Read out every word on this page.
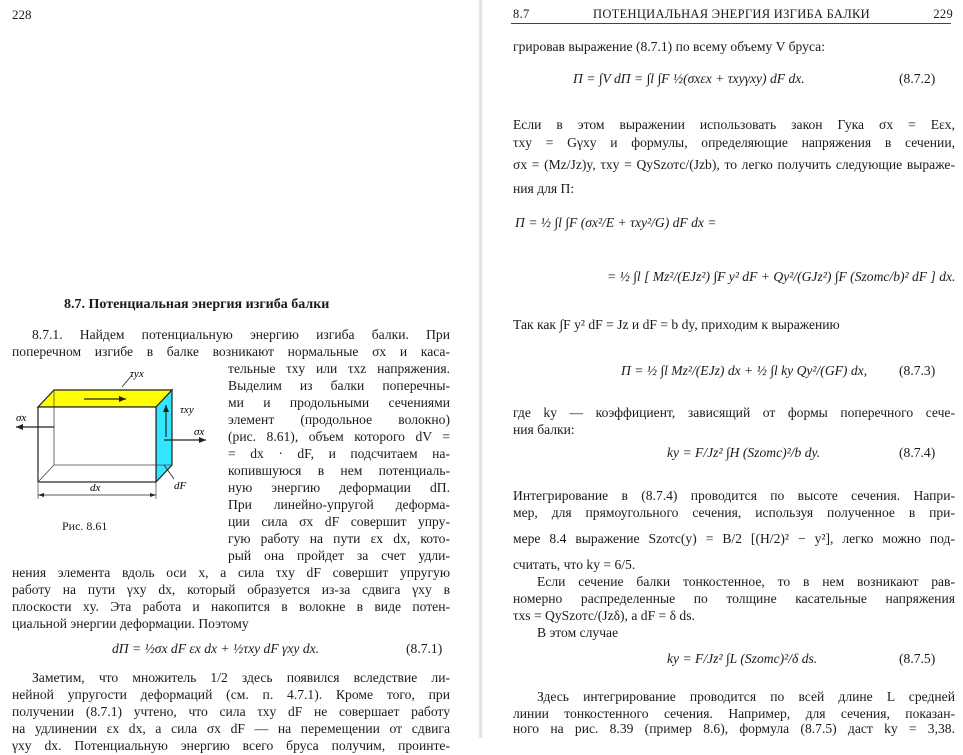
228
8.7. Потенциальная энергия изгиба балки
8.7.1. Найдем потенциальную энергию изгиба балки. При
поперечном изгибе в балке возникают нормальные σx и каса-
тельные τxy или τxz напряжения.
Выделим из балки поперечны-
ми и продольными сечениями
элемент (продольное волокно)
(рис. 8.61), объем которого dV =
= dx · dF, и подсчитаем на-
копившуюся в нем потенциаль-
ную энергию деформации dП.
При линейно-упругой деформа-
ции сила σx dF совершит упру-
гую работу на пути εx dx, кото-
рый она пройдет за счет удли-
нения элемента вдоль оси x, а сила τxy dF совершит упругую
работу на пути γxy dx, который образуется из-за сдвига γxy в
плоскости xy. Эта работа и накопится в волокне в виде потен-
циальной энергии деформации. Поэтому
dП = ½σx dF εx dx + ½τxy dF γxy dx.	(8.7.1)
Заметим, что множитель 1/2 здесь появился вследствие ли-
нейной упругости деформаций (см. п. 4.7.1). Кроме того, при
получении (8.7.1) учтено, что сила τxy dF не совершает работу
на удлинении εx dx, а сила σx dF — на перемещении от сдвига
γxy dx. Потенциальную энергию всего бруса получим, проинте-
τyx
τxy
σx
σx
dx	dF
Рис. 8.61
8.7	ПОТЕНЦИАЛЬНАЯ ЭНЕРГИЯ ИЗГИБА БАЛКИ	229
грировав выражение (8.7.1) по всему объему V бруса:
П = ∫V dП = ∫l ∫F ½(σxεx + τxyγxy) dF dx.	(8.7.2)
Если в этом выражении использовать закон Гука σx = Eεx,
τxy = Gγxy и формулы, определяющие напряжения в сечении,
σx = (Mz/Jz)y, τxy = QySzотс/(Jzb), то легко получить следующие выраже-
ния для П:
П = ½ ∫l ∫F (σx²/E + τxy²/G) dF dx =
= ½ ∫l [ Mz²/(EJz²) ∫F y² dF + Qy²/(GJz²) ∫F (Szотс/b)² dF ] dx.
Так как ∫F y² dF = Jz и dF = b dy, приходим к выражению
П = ½ ∫l Mz²/(EJz) dx + ½ ∫l ky Qy²/(GF) dx, (8.7.3)
где ky — коэффициент, зависящий от формы поперечного сече-
ния балки:
ky = F/Jz² ∫H (Szотс)²/b dy.	(8.7.4)
Интегрирование в (8.7.4) проводится по высоте сечения. Напри-
мер, для прямоугольного сечения, используя полученное в при-
мере 8.4 выражение Szотс(y) = B/2 [(H/2)² − y²], легко можно под-
считать, что ky = 6/5.
Если сечение балки тонкостенное, то в нем возникают рав-
номерно распределенные по толщине касательные напряжения
τxs = QySzотс/(Jzδ), а dF = δ ds.
В этом случае
ky = F/Jz² ∫L (Szотс)²/δ ds.	(8.7.5)
Здесь интегрирование проводится по всей длине L средней
линии тонкостенного сечения. Например, для сечения, показан-
ного на рис. 8.39 (пример 8.6), формула (8.7.5) даст ky = 3,38.
